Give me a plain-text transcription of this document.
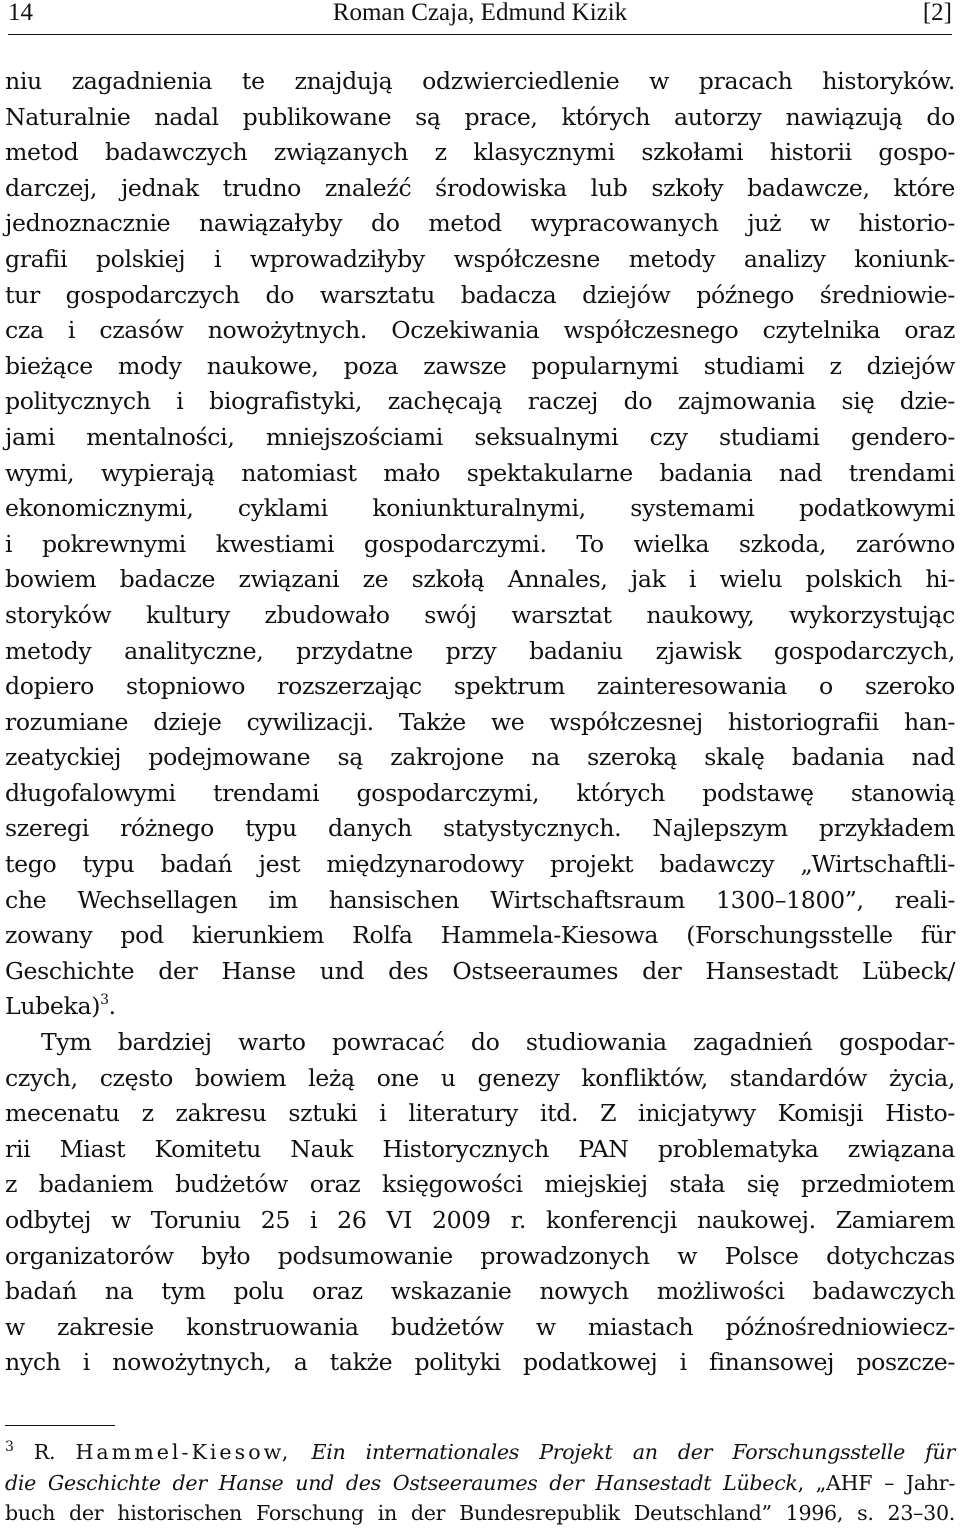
14	Roman Czaja, Edmund Kizik	[2]
niu zagadnienia te znajdują odzwierciedlenie w pracach historyków.
Naturalnie nadal publikowane są prace, których autorzy nawiązują do
metod badawczych związanych z klasycznymi szkołami historii gospo-
darczej, jednak trudno znaleźć środowiska lub szkoły badawcze, które
jednoznacznie nawiązałyby do metod wypracowanych już w historio-
grafii polskiej i wprowadziłyby współczesne metody analizy koniunk-
tur gospodarczych do warsztatu badacza dziejów późnego średniowie-
cza i czasów nowożytnych. Oczekiwania współczesnego czytelnika oraz
bieżące mody naukowe, poza zawsze popularnymi studiami z dziejów
politycznych i biografistyki, zachęcają raczej do zajmowania się dzie-
jami mentalności, mniejszościami seksualnymi czy studiami gendero-
wymi, wypierają natomiast mało spektakularne badania nad trendami
ekonomicznymi, cyklami koniunkturalnymi, systemami podatkowymi
i pokrewnymi kwestiami gospodarczymi. To wielka szkoda, zarówno
bowiem badacze związani ze szkołą Annales, jak i wielu polskich hi-
storyków kultury zbudowało swój warsztat naukowy, wykorzystując
metody analityczne, przydatne przy badaniu zjawisk gospodarczych,
dopiero stopniowo rozszerzając spektrum zainteresowania o szeroko
rozumiane dzieje cywilizacji. Także we współczesnej historiografii han-
zeatyckiej podejmowane są zakrojone na szeroką skalę badania nad
długofalowymi trendami gospodarczymi, których podstawę stanowią
szeregi różnego typu danych statystycznych. Najlepszym przykładem
tego typu badań jest międzynarodowy projekt badawczy „Wirtschaftli-
che Wechsellagen im hansischen Wirtschaftsraum 1300–1800”, reali-
zowany pod kierunkiem Rolfa Hammela-Kiesowa (Forschungsstelle für
Geschichte der Hanse und des Ostseeraumes der Hansestadt Lübeck/
Lubeka)$^3$.
Tym bardziej warto powracać do studiowania zagadnień gospodar-
czych, często bowiem leżą one u genezy konfliktów, standardów życia,
mecenatu z zakresu sztuki i literatury itd. Z inicjatywy Komisji Histo-
rii Miast Komitetu Nauk Historycznych PAN problematyka związana
z badaniem budżetów oraz księgowości miejskiej stała się przedmiotem
odbytej w Toruniu 25 i 26 VI 2009 r. konferencji naukowej. Zamiarem
organizatorów było podsumowanie prowadzonych w Polsce dotychczas
badań na tym polu oraz wskazanie nowych możliwości badawczych
w zakresie konstruowania budżetów w miastach późnośredniowiecz-
nych i nowożytnych, a także polityki podatkowej i finansowej poszcze-
$^3$ R. Hammel-Kiesow, Ein internationales Projekt an der Forschungsstelle für
die Geschichte der Hanse und des Ostseeraumes der Hansestadt Lübeck, „AHF – Jahr-
buch der historischen Forschung in der Bundesrepublik Deutschland” 1996, s. 23–30.
